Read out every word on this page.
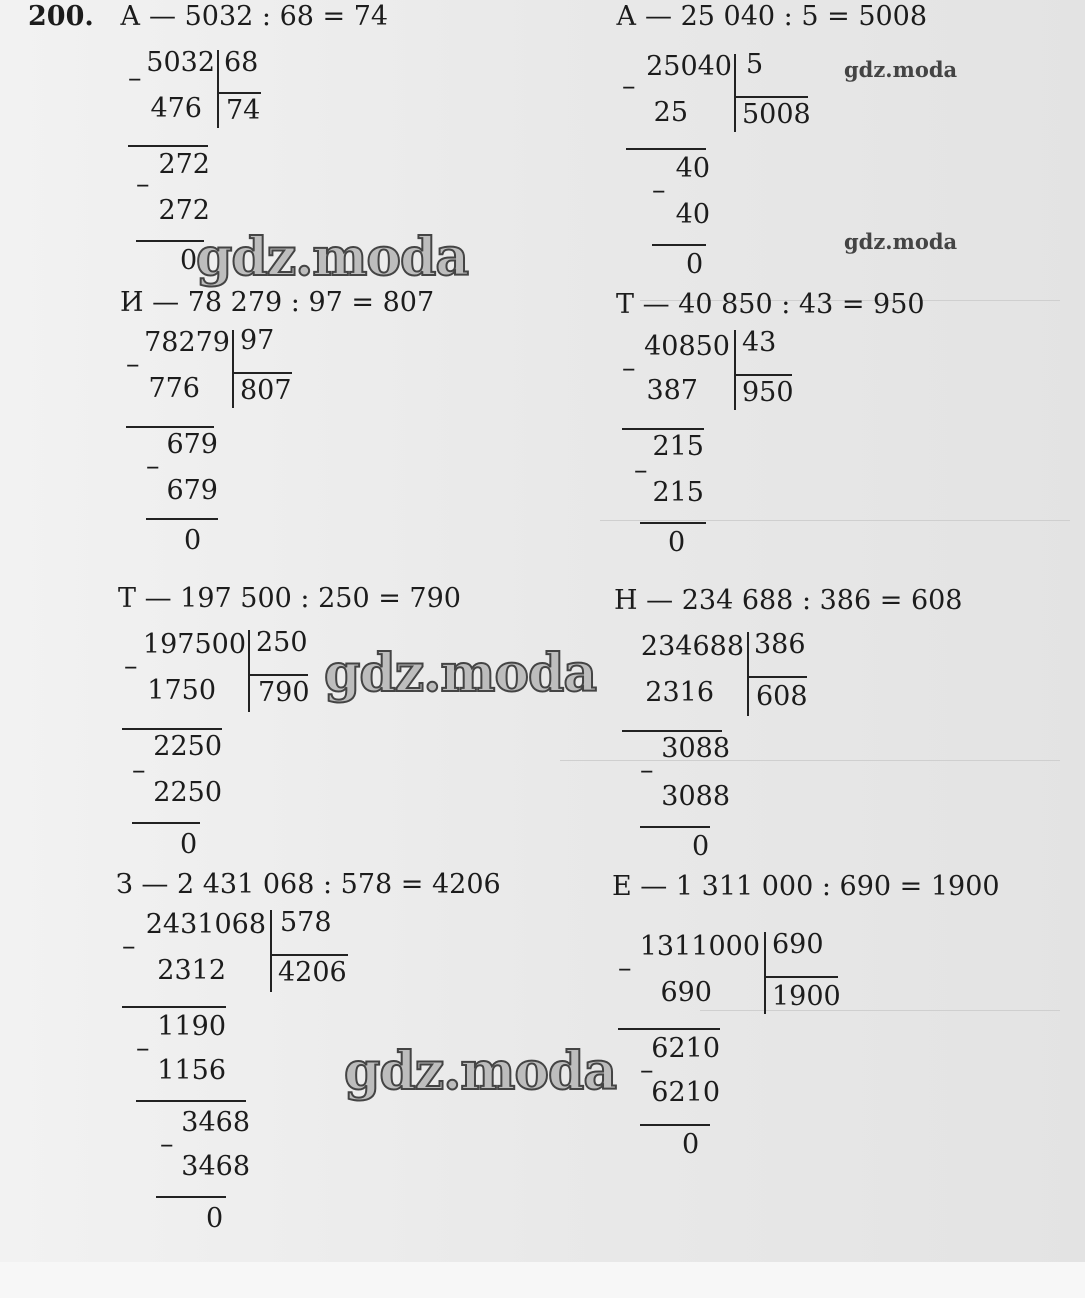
200. А — 5032 : 68 = 74
5032 68
74
–
476
272
–
272
0
А — 25 040 : 5 = 5008
25040 5
5008
–
25
40
–
40
0
И — 78 279 : 97 = 807
78279 97
807
–
776
679
–
679
0
Т — 40 850 : 43 = 950
40850 43
950
–
387
215
–
215
0
Т — 197 500 : 250 = 790
197500 250
790
–
1750
2250
–
2250
0
Н — 234 688 : 386 = 608
234688 386
608
2316
3088
–
3088
0
З — 2 431 068 : 578 = 4206
2431068 578
4206
–
2312
1190
–
1156
3468
–
3468
0
Е — 1 311 000 : 690 = 1900
1311000 690
1900
–
690
6210
–
6210
0
gdz.moda
gdz.moda
gdz.moda
gdz.moda
gdz.moda
